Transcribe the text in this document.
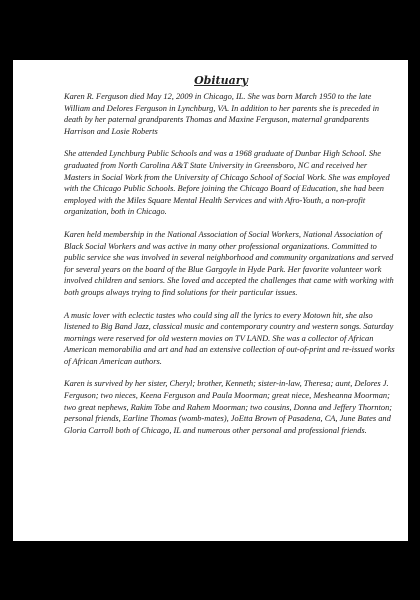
Obituary

Karen R. Ferguson died May 12, 2009 in Chicago, IL. She was born March 1950 to the late William and Delores Ferguson in Lynchburg, VA. In addition to her parents she is preceded in death by her paternal grandparents Thomas and Maxine Ferguson, maternal grandparents Harrison and Losie Roberts

She attended Lynchburg Public Schools and was a 1968 graduate of Dunbar High School. She graduated from North Carolina A&T State University in Greensboro, NC and received her Masters in Social Work from the University of Chicago School of Social Work. She was employed with the Chicago Public Schools. Before joining the Chicago Board of Education, she had been employed with the Miles Square Mental Health Services and with Afro-Youth, a non-profit organization, both in Chicago.

Karen held membership in the National Association of Social Workers, National Association of Black Social Workers and was active in many other professional organizations. Committed to public service she was involved in several neighborhood and community organizations and served for several years on the board of the Blue Gargoyle in Hyde Park. Her favorite volunteer work involved children and seniors. She loved and accepted the challenges that came with working with both groups always trying to find solutions for their particular issues.

A music lover with eclectic tastes who could sing all the lyrics to every Motown hit, she also listened to Big Band Jazz, classical music and contemporary country and western songs. Saturday mornings were reserved for old western movies on TV LAND. She was a collector of African American memorabilia and art and had an extensive collection of out-of-print and re-issued works of African American authors.

Karen is survived by her sister, Cheryl; brother, Kenneth; sister-in-law, Theresa; aunt, Delores J. Ferguson; two nieces, Keena Ferguson and Paula Moorman; great niece, Mesheanna Moorman; two great nephews, Rakim Tobe and Rahem Moorman; two cousins, Donna and Jeffery Thornton; personal friends, Earline Thomas (womb-mates), JoEtta Brown of Pasadena, CA, June Bates and Gloria Carroll both of Chicago, IL and numerous other personal and professional friends.
